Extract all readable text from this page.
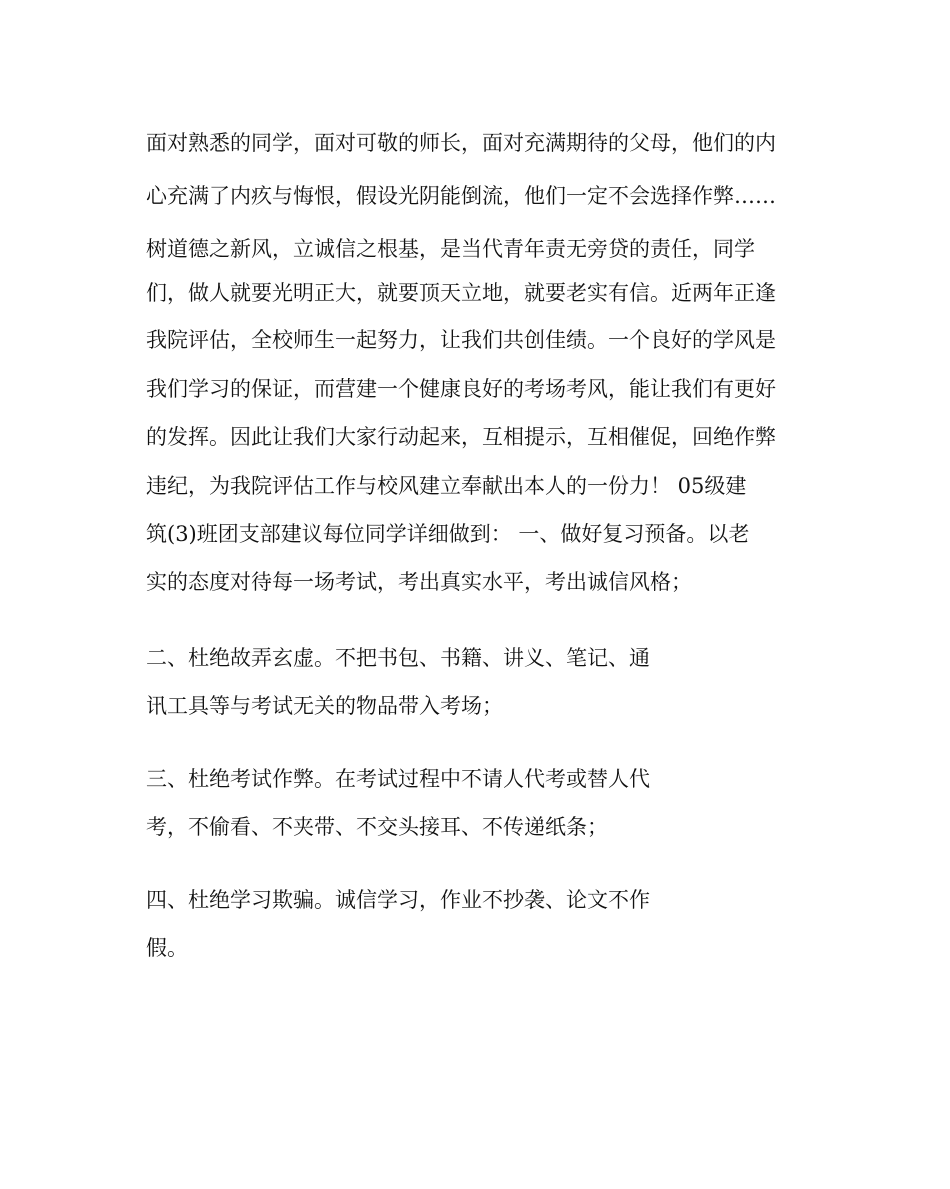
面对熟悉的同学，面对可敬的师长，面对充满期待的父母，他们的内
心充满了内疚与悔恨，假设光阴能倒流，他们一定不会选择作弊……
树道德之新风，立诚信之根基，是当代青年责无旁贷的责任，同学
们，做人就要光明正大，就要顶天立地，就要老实有信。近两年正逢
我院评估，全校师生一起努力，让我们共创佳绩。一个良好的学风是
我们学习的保证，而营建一个健康良好的考场考风，能让我们有更好
的发挥。因此让我们大家行动起来，互相提示，互相催促，回绝作弊
违纪，为我院评估工作与校风建立奉献出本人的一份力！ 05级建
筑(3)班团支部建议每位同学详细做到： 一、做好复习预备。以老
实的态度对待每一场考试，考出真实水平，考出诚信风格；
二、杜绝故弄玄虚。不把书包、书籍、讲义、笔记、通
讯工具等与考试无关的物品带入考场；
三、杜绝考试作弊。在考试过程中不请人代考或替人代
考，不偷看、不夹带、不交头接耳、不传递纸条；
四、杜绝学习欺骗。诚信学习，作业不抄袭、论文不作
假。
